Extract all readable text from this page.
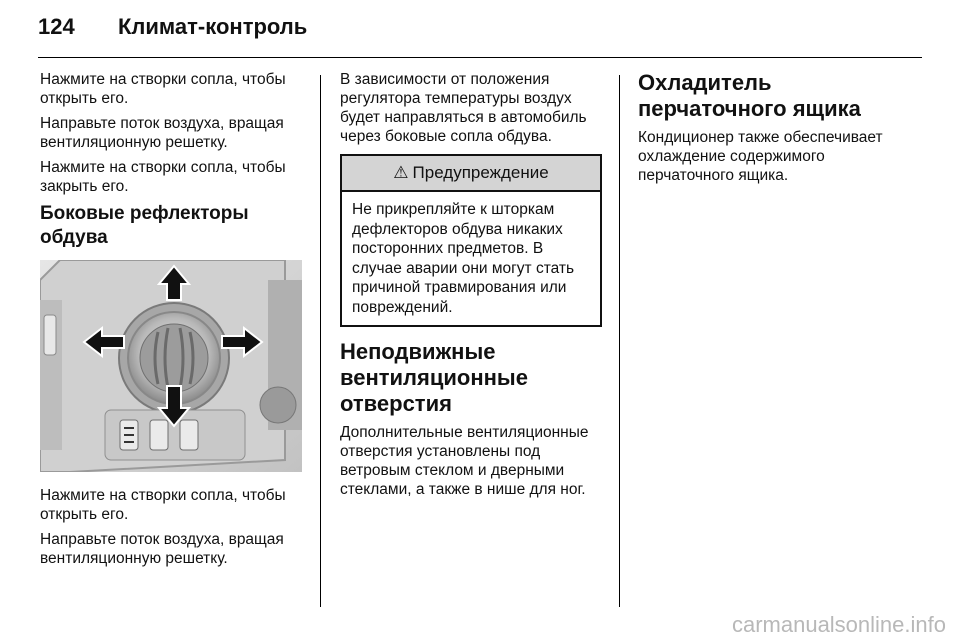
124 Климат-контроль

Нажмите на створки сопла, чтобы открыть его.

Направьте поток воздуха, вращая вентиляционную решетку.

Нажмите на створки сопла, чтобы закрыть его.

Боковые рефлекторы обдува

Нажмите на створки сопла, чтобы открыть его.

Направьте поток воздуха, вращая вентиляционную решетку.

В зависимости от положения регулятора температуры воздух будет направляться в автомобиль через боковые сопла обдува.

⚠ Предупреждение

Не прикрепляйте к шторкам дефлекторов обдува никаких посторонних предметов. В случае аварии они могут стать причиной травмирования или повреждений.

Неподвижные вентиляционные отверстия

Дополнительные вентиляционные отверстия установлены под ветровым стеклом и дверными стеклами, а также в нише для ног.

Охладитель перчаточного ящика

Кондиционер также обеспечивает охлаждение содержимого перчаточного ящика.

carmanualsonline.info
